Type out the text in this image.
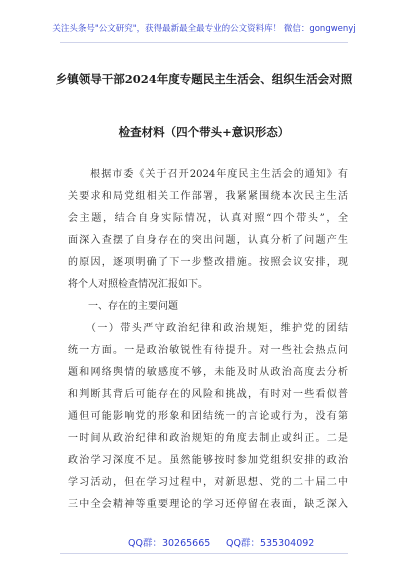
关注头条号"公文研究"，获得最新最全最专业的公文资料库！ 微信：gongwenyj
乡镇领导干部2024年度专题民主生活会、组织生活会对照
检查材料（四个带头+意识形态）
　　根据市委《关于召开2024年度民主生活会的通知》有
关要求和局党组相关工作部署，我紧紧围绕本次民主生活
会主题，结合自身实际情况，认真对照“四个带头”，全
面深入查摆了自身存在的突出问题，认真分析了问题产生
的原因，逐项明确了下一步整改措施。按照会议安排，现
将个人对照检查情况汇报如下。
　　一、存在的主要问题
　　（一）带头严守政治纪律和政治规矩，维护党的团结
统一方面。一是政治敏锐性有待提升。对一些社会热点问
题和网络舆情的敏感度不够，未能及时从政治高度去分析
和判断其背后可能存在的风险和挑战，有时对一些看似普
通但可能影响党的形象和团结统一的言论或行为，没有第
一时间从政治纪律和政治规矩的角度去制止或纠正。二是
政治学习深度不足。虽然能够按时参加党组织安排的政治
学习活动，但在学习过程中，对新思想、党的二十届二中
三中全会精神等重要理论的学习还停留在表面，缺乏深入
QQ群：30265665 QQ群：535304092
